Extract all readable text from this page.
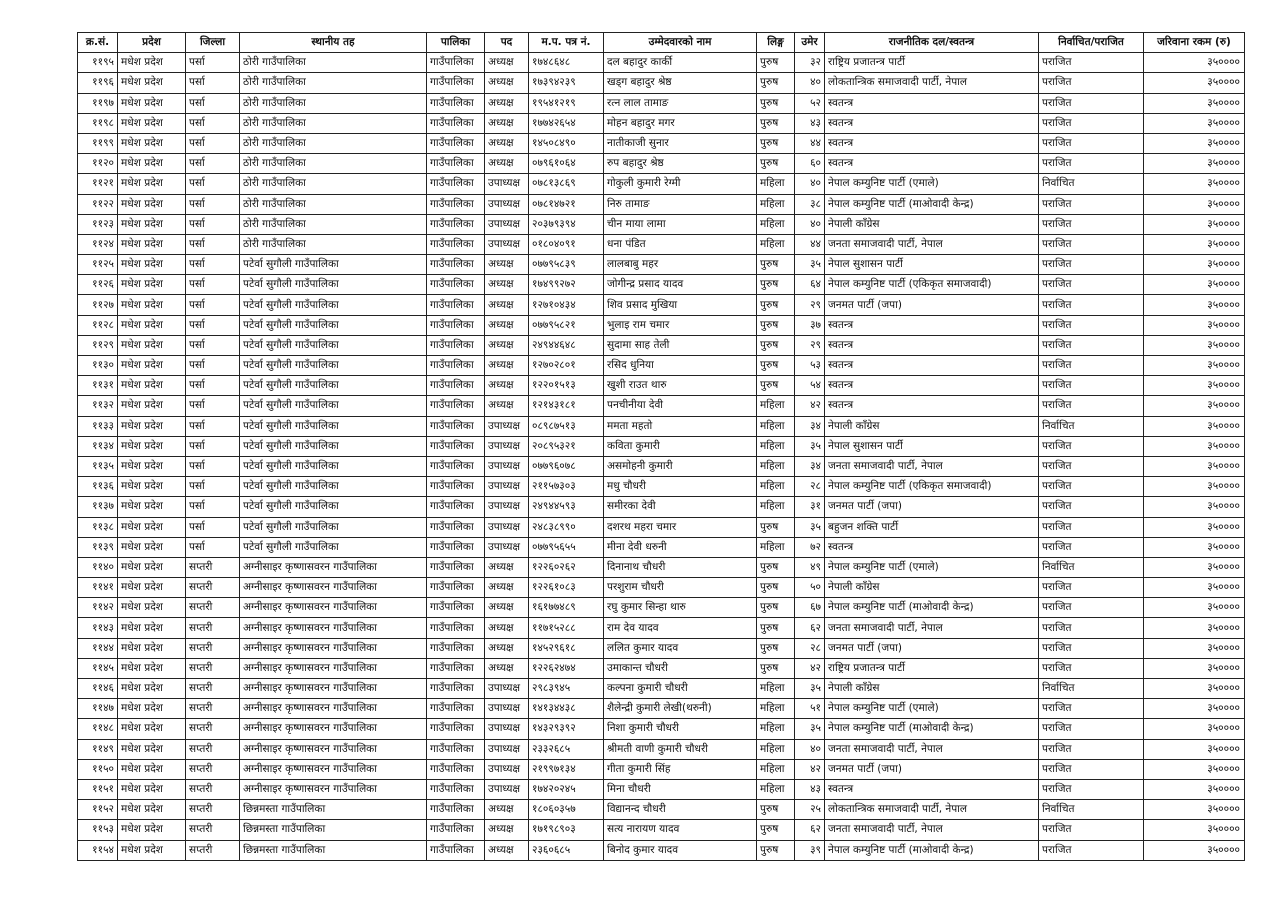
क्र.सं.	प्रदेश	जिल्ला	स्थानीय तह	पालिका	पद	म.प. पत्र नं.	उम्मेदवारको नाम	लिङ्ग	उमेर	राजनीतिक दल/स्वतन्त्र	निर्वाचित/पराजित	जरिवाना रकम (रु)
११९५	मधेश प्रदेश	पर्सा	ठोरी गाउँपालिका	गाउँपालिका	अध्यक्ष	१७४८६४८	दल बहादुर कार्की	पुरुष	३२	राष्ट्रिय प्रजातन्त्र पार्टी	पराजित	३५००००
११९६	मधेश प्रदेश	पर्सा	ठोरी गाउँपालिका	गाउँपालिका	अध्यक्ष	१७३९४२३९	खड्ग बहादुर श्रेष्ठ	पुरुष	४०	लोकतान्त्रिक समाजवादी पार्टी, नेपाल	पराजित	३५००००
११९७	मधेश प्रदेश	पर्सा	ठोरी गाउँपालिका	गाउँपालिका	अध्यक्ष	१९५४१२१९	रत्न लाल तामाङ	पुरुष	५२	स्वतन्त्र	पराजित	३५००००
११९८	मधेश प्रदेश	पर्सा	ठोरी गाउँपालिका	गाउँपालिका	अध्यक्ष	१७७४२६५४	मोहन बहादुर मगर	पुरुष	४३	स्वतन्त्र	पराजित	३५००००
११९९	मधेश प्रदेश	पर्सा	ठोरी गाउँपालिका	गाउँपालिका	अध्यक्ष	१४५०८४९०	नातीकाजी सुनार	पुरुष	४४	स्वतन्त्र	पराजित	३५००००
११२०	मधेश प्रदेश	पर्सा	ठोरी गाउँपालिका	गाउँपालिका	अध्यक्ष	०७९६१०६४	रुप बहादुर श्रेष्ठ	पुरुष	६०	स्वतन्त्र	पराजित	३५००००
११२१	मधेश प्रदेश	पर्सा	ठोरी गाउँपालिका	गाउँपालिका	उपाध्यक्ष	०७८१३८६९	गोकुली कुमारी रेग्मी	महिला	४०	नेपाल कम्युनिष्ट पार्टी (एमाले)	निर्वाचित	३५००००
११२२	मधेश प्रदेश	पर्सा	ठोरी गाउँपालिका	गाउँपालिका	उपाध्यक्ष	०७८१४७२१	निरु तामाङ	महिला	३८	नेपाल कम्युनिष्ट पार्टी (माओवादी केन्द्र)	पराजित	३५००००
११२३	मधेश प्रदेश	पर्सा	ठोरी गाउँपालिका	गाउँपालिका	उपाध्यक्ष	२०३७९३९४	चीन माया लामा	महिला	४०	नेपाली काँग्रेस	पराजित	३५००००
११२४	मधेश प्रदेश	पर्सा	ठोरी गाउँपालिका	गाउँपालिका	उपाध्यक्ष	०१८०४०९१	धना पंडित	महिला	४४	जनता समाजवादी पार्टी, नेपाल	पराजित	३५००००
११२५	मधेश प्रदेश	पर्सा	पटेर्वा सुगौली गाउँपालिका	गाउँपालिका	अध्यक्ष	०७७९५८३९	लालबाबु महर	पुरुष	३५	नेपाल सुशासन पार्टी	पराजित	३५००००
११२६	मधेश प्रदेश	पर्सा	पटेर्वा सुगौली गाउँपालिका	गाउँपालिका	अध्यक्ष	१७४९९२७२	जोगीन्द्र प्रसाद यादव	पुरुष	६४	नेपाल कम्युनिष्ट पार्टी (एकिकृत समाजवादी)	पराजित	३५००००
११२७	मधेश प्रदेश	पर्सा	पटेर्वा सुगौली गाउँपालिका	गाउँपालिका	अध्यक्ष	१२७१०४३४	शिव प्रसाद मुखिया	पुरुष	२९	जनमत पार्टी (जपा)	पराजित	३५००००
११२८	मधेश प्रदेश	पर्सा	पटेर्वा सुगौली गाउँपालिका	गाउँपालिका	अध्यक्ष	०७७९५८२१	भुलाइ राम चमार	पुरुष	३७	स्वतन्त्र	पराजित	३५००००
११२९	मधेश प्रदेश	पर्सा	पटेर्वा सुगौली गाउँपालिका	गाउँपालिका	अध्यक्ष	२४९४४६४८	सुदामा साह तेली	पुरुष	२९	स्वतन्त्र	पराजित	३५००००
११३०	मधेश प्रदेश	पर्सा	पटेर्वा सुगौली गाउँपालिका	गाउँपालिका	अध्यक्ष	१२७०२८०१	रसिद धुनिया	पुरुष	५३	स्वतन्त्र	पराजित	३५००००
११३१	मधेश प्रदेश	पर्सा	पटेर्वा सुगौली गाउँपालिका	गाउँपालिका	अध्यक्ष	१२२०१५१३	खुशी राउत थारु	पुरुष	५४	स्वतन्त्र	पराजित	३५००००
११३२	मधेश प्रदेश	पर्सा	पटेर्वा सुगौली गाउँपालिका	गाउँपालिका	अध्यक्ष	१२१४३१८१	पनचीनीया देवी	महिला	४२	स्वतन्त्र	पराजित	३५००००
११३३	मधेश प्रदेश	पर्सा	पटेर्वा सुगौली गाउँपालिका	गाउँपालिका	उपाध्यक्ष	०८९८७५१३	ममता महतो	महिला	३४	नेपाली काँग्रेस	निर्वाचित	३५००००
११३४	मधेश प्रदेश	पर्सा	पटेर्वा सुगौली गाउँपालिका	गाउँपालिका	उपाध्यक्ष	२०८९५३२१	कविता कुमारी	महिला	३५	नेपाल सुशासन पार्टी	पराजित	३५००००
११३५	मधेश प्रदेश	पर्सा	पटेर्वा सुगौली गाउँपालिका	गाउँपालिका	उपाध्यक्ष	०७७९६०७८	असमोहनी कुमारी	महिला	३४	जनता समाजवादी पार्टी, नेपाल	पराजित	३५००००
११३६	मधेश प्रदेश	पर्सा	पटेर्वा सुगौली गाउँपालिका	गाउँपालिका	उपाध्यक्ष	२११५७३०३	मधु चौधरी	महिला	२८	नेपाल कम्युनिष्ट पार्टी (एकिकृत समाजवादी)	पराजित	३५००००
११३७	मधेश प्रदेश	पर्सा	पटेर्वा सुगौली गाउँपालिका	गाउँपालिका	उपाध्यक्ष	२४९४४५९३	समीरका देवी	महिला	३१	जनमत पार्टी (जपा)	पराजित	३५००००
११३८	मधेश प्रदेश	पर्सा	पटेर्वा सुगौली गाउँपालिका	गाउँपालिका	उपाध्यक्ष	२४८३८९९०	दशरथ महरा चमार	पुरुष	३५	बहुजन शक्ति पार्टी	पराजित	३५००००
११३९	मधेश प्रदेश	पर्सा	पटेर्वा सुगौली गाउँपालिका	गाउँपालिका	उपाध्यक्ष	०७७९५६५५	मीना देवी धरुनी	महिला	७२	स्वतन्त्र	पराजित	३५००००
११४०	मधेश प्रदेश	सप्तरी	अग्नीसाइर कृष्णासवरन गाउँपालिका	गाउँपालिका	अध्यक्ष	१२२६०२६२	दिनानाथ चौधरी	पुरुष	४९	नेपाल कम्युनिष्ट पार्टी (एमाले)	निर्वाचित	३५००००
११४१	मधेश प्रदेश	सप्तरी	अग्नीसाइर कृष्णासवरन गाउँपालिका	गाउँपालिका	अध्यक्ष	१२२६१०८३	परशुराम चौधरी	पुरुष	५०	नेपाली काँग्रेस	पराजित	३५००००
११४२	मधेश प्रदेश	सप्तरी	अग्नीसाइर कृष्णासवरन गाउँपालिका	गाउँपालिका	अध्यक्ष	१६१७७४८९	रघु कुमार सिन्हा थारु	पुरुष	६७	नेपाल कम्युनिष्ट पार्टी (माओवादी केन्द्र)	पराजित	३५००००
११४३	मधेश प्रदेश	सप्तरी	अग्नीसाइर कृष्णासवरन गाउँपालिका	गाउँपालिका	अध्यक्ष	११७१५२८८	राम देव यादव	पुरुष	६२	जनता समाजवादी पार्टी, नेपाल	पराजित	३५००००
११४४	मधेश प्रदेश	सप्तरी	अग्नीसाइर कृष्णासवरन गाउँपालिका	गाउँपालिका	अध्यक्ष	१४५२९६१८	ललित कुमार यादव	पुरुष	२८	जनमत पार्टी (जपा)	पराजित	३५००००
११४५	मधेश प्रदेश	सप्तरी	अग्नीसाइर कृष्णासवरन गाउँपालिका	गाउँपालिका	अध्यक्ष	१२२६२४७४	उमाकान्त चौधरी	पुरुष	४२	राष्ट्रिय प्रजातन्त्र पार्टी	पराजित	३५००००
११४६	मधेश प्रदेश	सप्तरी	अग्नीसाइर कृष्णासवरन गाउँपालिका	गाउँपालिका	उपाध्यक्ष	२९८३९४५	कल्पना कुमारी चौधरी	महिला	३५	नेपाली काँग्रेस	निर्वाचित	३५००००
११४७	मधेश प्रदेश	सप्तरी	अग्नीसाइर कृष्णासवरन गाउँपालिका	गाउँपालिका	उपाध्यक्ष	१४१३४४३८	शैलेन्द्री कुमारी लेखी(थरुनी)	महिला	५१	नेपाल कम्युनिष्ट पार्टी (एमाले)	पराजित	३५००००
११४८	मधेश प्रदेश	सप्तरी	अग्नीसाइर कृष्णासवरन गाउँपालिका	गाउँपालिका	उपाध्यक्ष	१४३२९३९२	निशा कुमारी चौधरी	महिला	३५	नेपाल कम्युनिष्ट पार्टी (माओवादी केन्द्र)	पराजित	३५००००
११४९	मधेश प्रदेश	सप्तरी	अग्नीसाइर कृष्णासवरन गाउँपालिका	गाउँपालिका	उपाध्यक्ष	२३३२६८५	श्रीमती वाणी कुमारी चौधरी	महिला	४०	जनता समाजवादी पार्टी, नेपाल	पराजित	३५००००
११५०	मधेश प्रदेश	सप्तरी	अग्नीसाइर कृष्णासवरन गाउँपालिका	गाउँपालिका	उपाध्यक्ष	२१९९७१३४	गीता कुमारी सिंह	महिला	४२	जनमत पार्टी (जपा)	पराजित	३५००००
११५१	मधेश प्रदेश	सप्तरी	अग्नीसाइर कृष्णासवरन गाउँपालिका	गाउँपालिका	उपाध्यक्ष	१७४२०२४५	मिना चौधरी	महिला	४३	स्वतन्त्र	पराजित	३५००००
११५२	मधेश प्रदेश	सप्तरी	छिन्नमस्ता गाउँपालिका	गाउँपालिका	अध्यक्ष	१८०६०३५७	विद्यानन्द चौधरी	पुरुष	२५	लोकतान्त्रिक समाजवादी पार्टी, नेपाल	निर्वाचित	३५००००
११५३	मधेश प्रदेश	सप्तरी	छिन्नमस्ता गाउँपालिका	गाउँपालिका	अध्यक्ष	१७१९८९०३	सत्य नारायण यादव	पुरुष	६२	जनता समाजवादी पार्टी, नेपाल	पराजित	३५००००
११५४	मधेश प्रदेश	सप्तरी	छिन्नमस्ता गाउँपालिका	गाउँपालिका	अध्यक्ष	२३६०६८५	बिनोद कुमार यादव	पुरुष	३९	नेपाल कम्युनिष्ट पार्टी (माओवादी केन्द्र)	पराजित	३५००००
